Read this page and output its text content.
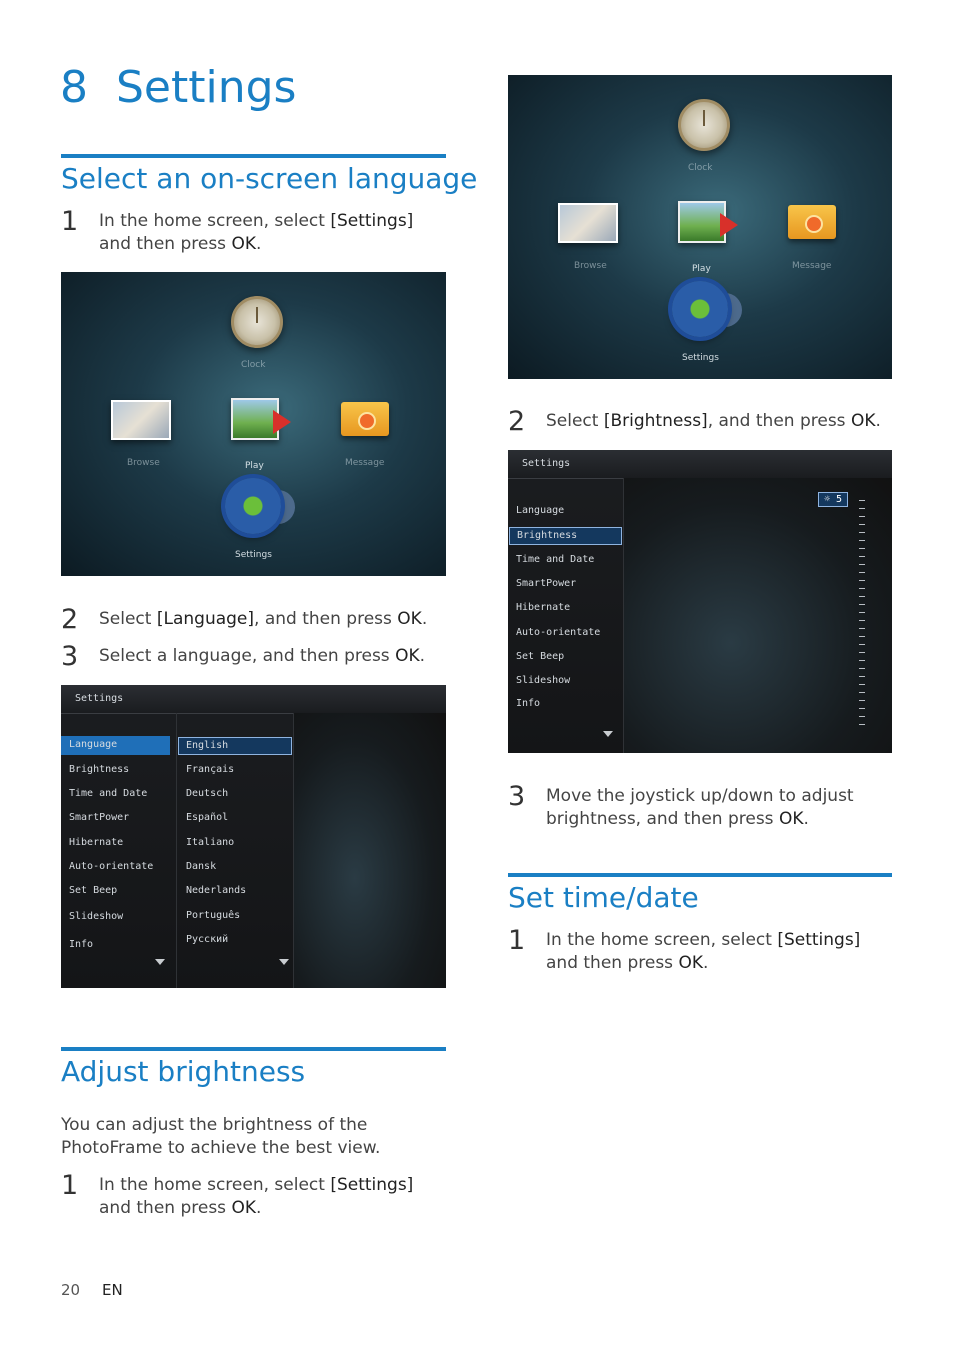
8 Settings
Select an on-screen language
1	In the home screen, select [Settings] and then press OK.
Clock
Browse	Play	Message
Settings
2	Select [Language], and then press OK.
3	Select a language, and then press OK.
Settings
Language
Brightness
Time and Date
SmartPower
Hibernate
Auto-orientate
Set Beep
Slideshow
Info
English
Français
Deutsch
Español
Italiano
Dansk
Nederlands
Português
Русский
Adjust brightness
You can adjust the brightness of the PhotoFrame to achieve the best view.
1	In the home screen, select [Settings] and then press OK.
Clock
Browse	Play	Message
Settings
2	Select [Brightness], and then press OK.
Settings
Language
Brightness
Time and Date
SmartPower
Hibernate
Auto-orientate
Set Beep
Slideshow
Info
☼ 5
3	Move the joystick up/down to adjust brightness, and then press OK.
Set time/date
1	In the home screen, select [Settings] and then press OK.
20 EN
